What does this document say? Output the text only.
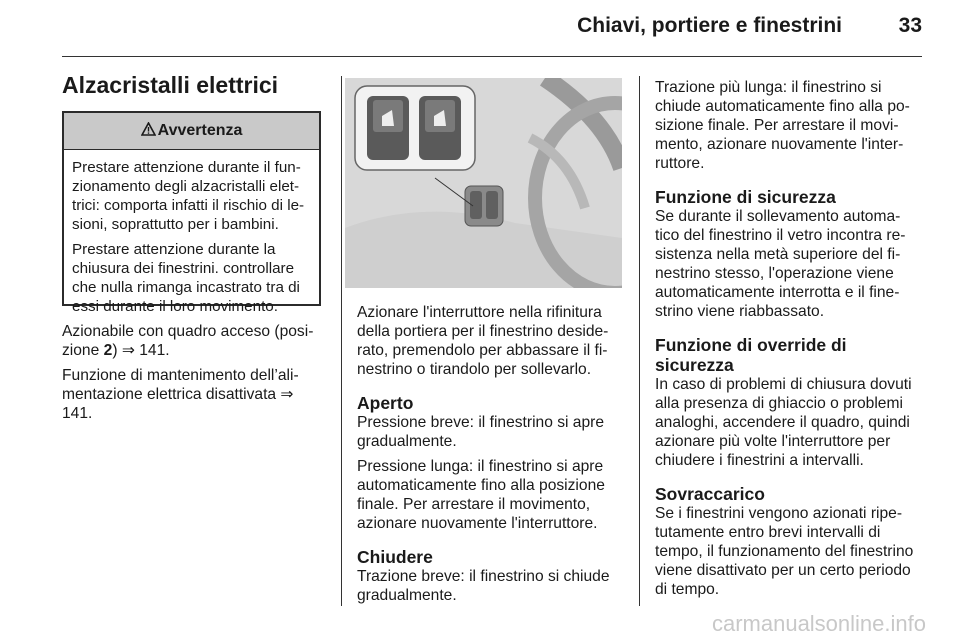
Chiavi, portiere e finestrini	33
Alzacristalli elettrici
Avvertenza

Prestare attenzione durante il fun-zionamento degli alzacristalli elet-trici: comporta infatti il rischio di le-sioni, soprattutto per i bambini.

Prestare attenzione durante la chiusura dei finestrini. controllare che nulla rimanga incastrato tra di essi durante il loro movimento.

Azionabile con quadro acceso (posi-zione 2) ⇒ 141.

Funzione di mantenimento dell’ali-mentazione elettrica disattivata ⇒ 141.

Azionare l'interruttore nella rifinitura della portiera per il finestrino deside-rato, premendolo per abbassare il fi-nestrino o tirandolo per sollevarlo.

Aperto

Pressione breve: il finestrino si apre gradualmente.

Pressione lunga: il finestrino si apre automaticamente fino alla posizione finale. Per arrestare il movimento, azionare nuovamente l'interruttore.

Chiudere

Trazione breve: il finestrino si chiude gradualmente.

Trazione più lunga: il finestrino si chiude automaticamente fino alla po-sizione finale. Per arrestare il movi-mento, azionare nuovamente l'inter-ruttore.

Funzione di sicurezza

Se durante il sollevamento automa-tico del finestrino il vetro incontra re-sistenza nella metà superiore del fi-nestrino stesso, l'operazione viene automaticamente interrotta e il fine-strino viene riabbassato.

Funzione di override di sicurezza

In caso di problemi di chiusura dovuti alla presenza di ghiaccio o problemi analoghi, accendere il quadro, quindi azionare più volte l'interruttore per chiudere i finestrini a intervalli.

Sovraccarico

Se i finestrini vengono azionati ripe-tutamente entro brevi intervalli di tempo, il funzionamento del finestrino viene disattivato per un certo periodo di tempo.

carmanualsonline.info
